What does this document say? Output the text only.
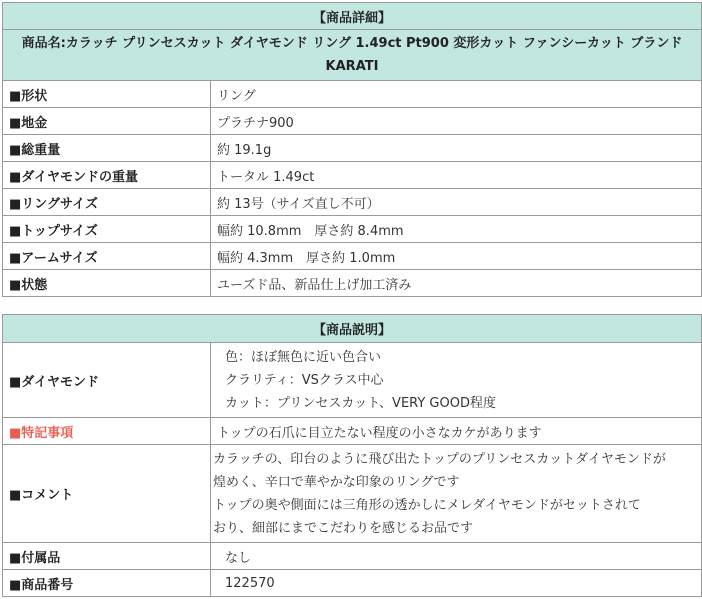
【商品詳細】	
商品名:カラッチ プリンセスカット ダイヤモンド リング 1.49ct Pt900 変形カット ファンシーカット ブランド KARATI	
■形状	リング
■地金	プラチナ900
■総重量	約 19.1g
■ダイヤモンドの重量	トータル 1.49ct
■リングサイズ	約 13号（サイズ直し不可）
■トップサイズ	幅約 10.8mm　厚さ約 8.4mm
■アームサイズ	幅約 4.3mm　厚さ約 1.0mm
■状態	ユーズド品、新品仕上げ加工済み
【商品説明】	
■ダイヤモンド	色：ほぼ無色に近い色合い
クラリティ：VSクラス中心
カット：プリンセスカット、VERY GOOD程度

■特記事項	トップの石爪に目立たない程度の小さなカケがあります
■コメント	カラッチの、印台のように飛び出たトップのプリンセスカットダイヤモンドが
煌めく、辛口で華やかな印象のリングです
トップの奥や側面には三角形の透かしにメレダイヤモンドがセットされて
おり、細部にまでこだわりを感じるお品です

■付属品	なし
■商品番号	122570
